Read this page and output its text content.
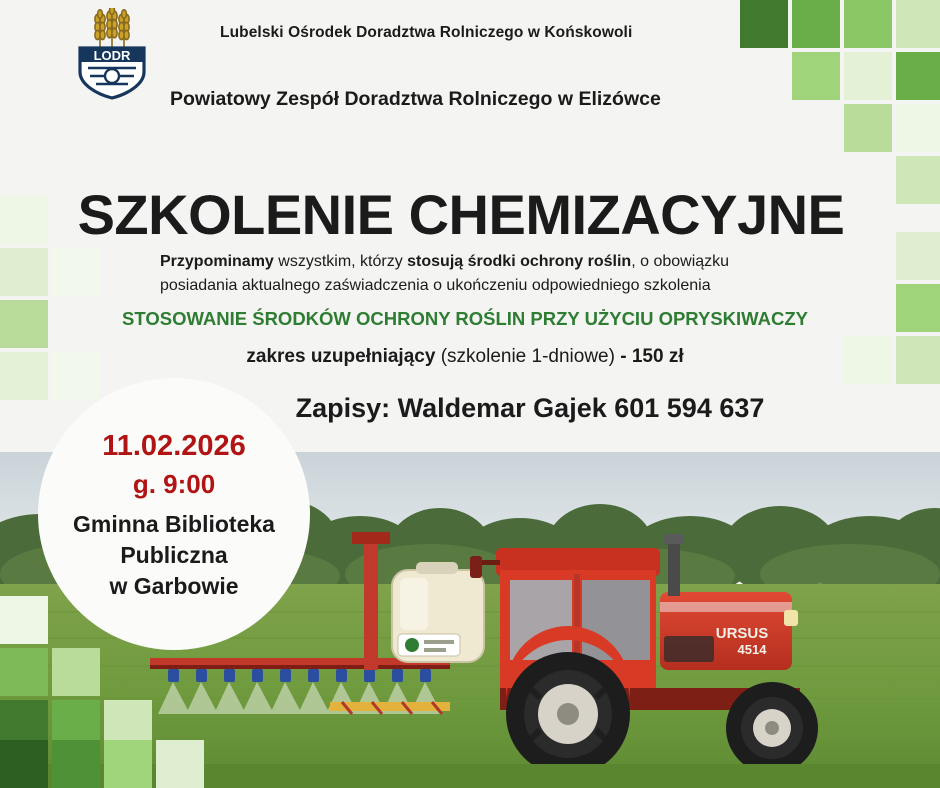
LODR
Lubelski Ośrodek Doradztwa Rolniczego w Końskowoli
Powiatowy Zespół Doradztwa Rolniczego w Elizówce
SZKOLENIE CHEMIZACYJNE

Przypominamy wszystkim, którzy stosują środki ochrony roślin, o obowiązku posiadania aktualnego zaświadczenia o ukończeniu odpowiedniego szkolenia

STOSOWANIE ŚRODKÓW OCHRONY ROŚLIN PRZY UŻYCIU OPRYSKIWACZY
zakres uzupełniający (szkolenie 1-dniowe) - 150 zł
Zapisy: Waldemar Gajek 601 594 637
URSUS
4514
11.02.2026
g. 9:00
Gminna Biblioteka
Publiczna
w Garbowie
